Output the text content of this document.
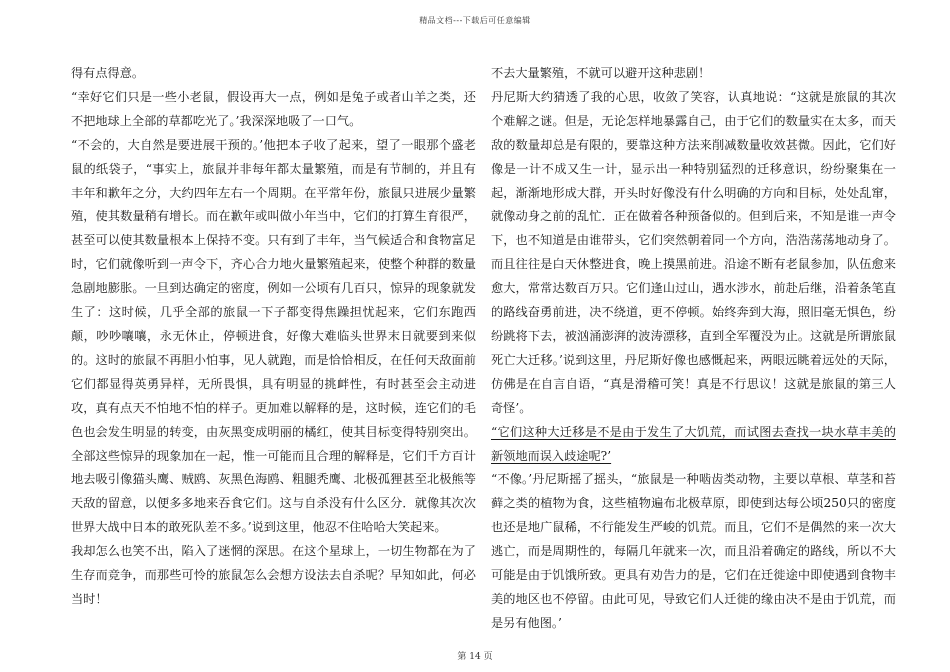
精品文档---下载后可任意编辑

得有点得意。

“幸好它们只是一些小老鼠，假设再大一点，例如是兔子或者山羊之类，还不把地球上全部的草都吃光了。’我深深地吸了一口气。

“不会的，大自然是要进展干预的。’他把本子收了起来，望了一眼那个盛老鼠的纸袋子，“事实上，旅鼠并非每年都太量繁殖，而是有节制的，并且有丰年和歉年之分，大约四年左右一个周期。在平常年份，旅鼠只进展少量繁殖，使其数量稍有增长。而在歉年或叫做小年当中，它们的打算生育很严，甚至可以使其数量根本上保持不变。只有到了丰年，当气候适合和食物富足时，它们就像听到一声令下，齐心合力地火量繁殖起来，使整个种群的数量急剧地膨胀。一旦到达确定的密度，例如一公顷有几百只，惊异的现象就发生了：这时候，几乎全部的旅鼠一下子都变得焦躁担忧起来，它们东跑西颠，吵吵嚷嚷，永无休止，停顿进食，好像大难临头世界末日就要到来似的。这时的旅鼠不再胆小怕事，见人就跑，而是恰恰相反，在任何天敌面前它们都显得英勇异样，无所畏惧，具有明显的挑衅性，有时甚至会主动进攻，真有点天不怕地不怕的样子。更加难以解释的是，这时候，连它们的毛色也会发生明显的转变，由灰黑变成明丽的橘红，使其目标变得特别突出。全部这些惊异的现象加在一起，惟一可能而且合理的解释是，它们千方百计地去吸引像猫头鹰、贼鸥、灰黑色海鸥、粗腿秃鹰、北极孤狸甚至北极熊等天敌的留意，以便多多地来吞食它们。这与自杀没有什么区分．就像其次次世界大战中日本的敢死队差不多。’说到这里，他忍不住哈哈大笑起来。

我却怎么也笑不出，陷入了迷惘的深思。在这个星球上，一切生物都在为了生存而竞争，而那些可怜的旅鼠怎么会想方设法去自杀呢？早知如此，何必当时！

不去大量繁殖，不就可以避开这种悲剧！

丹尼斯大约猜透了我的心思，收敛了笑容，认真地说：“这就是旅鼠的其次个难解之谜。但是，无论怎样地暴露自己，由于它们的数量实在太多，而天敌的数量却总是有限的，要靠这种方法来削减数量收效甚微。因此，它们好像是一计不成又生一计，显示出一种特别猛烈的迁移意识，纷纷聚集在一起，渐渐地形成大群，开头时好像没有什么明确的方向和目标，处处乱窜，就像动身之前的乱忙．正在做着各种预备似的。但到后来，不知是谁一声令下，也不知道是由谁带头，它们突然朝着同一个方向，浩浩荡荡地动身了。而且往往是白天休整进食，晚上摸黑前进。沿途不断有老鼠参加，队伍愈来愈大，常常达数百万只。它们逢山过山，遇水涉水，前赴后继，沿着条笔直的路线奋勇前进，决不绕道，更不停顿。始终奔到大海，照旧毫无惧色，纷纷跳将下去，被汹涌澎湃的波涛漂移，直到全军覆没为止。这就是所谓旅鼠死亡大迁移。’说到这里，丹尼斯好像也感慨起来，两眼远眺着远处的天际，仿佛是在自言自语，“真是滑稽可笑！真是不行思议！这就是旅鼠的第三人奇怪’。

“它们这种大迁移是不是由于发生了大饥荒，而试图去查找一块水草丰美的新领地而误入歧途呢?’

“不像。’丹尼斯摇了摇头，“旅鼠是一种啮齿类动物，主要以草根、草茎和苔藓之类的植物为食，这些植物遍布北极草原，即使到达每公顷250只的密度也还是地广鼠稀，不行能发生严峻的饥荒。而且，它们不是偶然的来一次大逃亡，而是周期性的，每隔几年就来一次，而且沿着确定的路线，所以不大可能是由于饥饿所致。更具有劝告力的是，它们在迁徙途中即使遇到食物丰美的地区也不停留。由此可见，导致它们人迁徙的缘由决不是由于饥荒，而是另有他图。’

第 14 页
